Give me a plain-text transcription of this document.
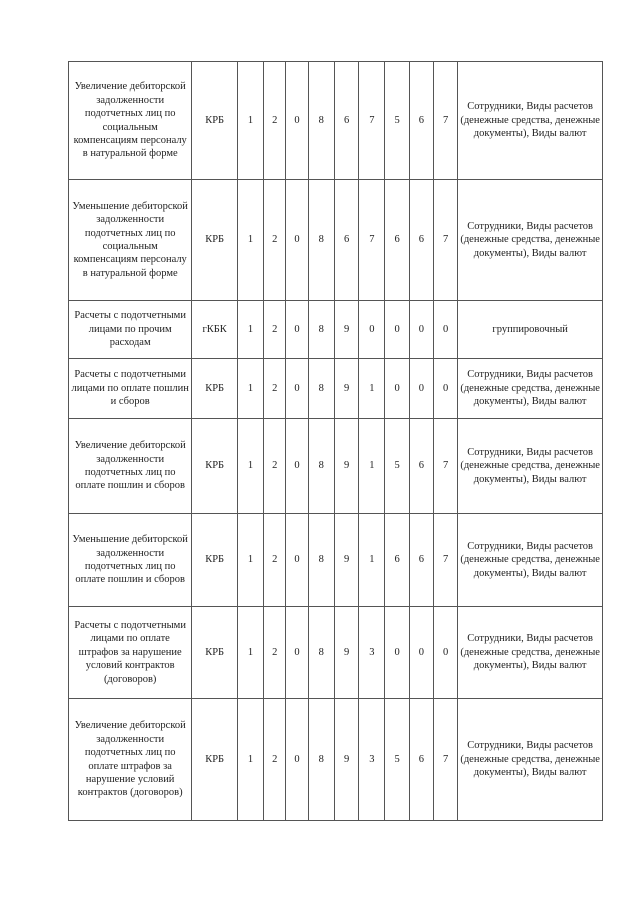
Увеличение дебиторской задолженности подотчетных лиц по социальным компенсациям персоналу в натуральной форме	КРБ	1	2	0	8	6	7	5	6	7	Сотрудники, Виды расчетов (денежные средства, денежные документы), Виды валют
Уменьшение дебиторской задолженности подотчетных лиц по социальным компенсациям персоналу в натуральной форме	КРБ	1	2	0	8	6	7	6	6	7	Сотрудники, Виды расчетов (денежные средства, денежные документы), Виды валют
Расчеты с подотчетными лицами по прочим расходам	гКБК	1	2	0	8	9	0	0	0	0	группировочный
Расчеты с подотчетными лицами по оплате пошлин и сборов	КРБ	1	2	0	8	9	1	0	0	0	Сотрудники, Виды расчетов (денежные средства, денежные документы), Виды валют
Увеличение дебиторской задолженности подотчетных лиц по оплате пошлин и сборов	КРБ	1	2	0	8	9	1	5	6	7	Сотрудники, Виды расчетов (денежные средства, денежные документы), Виды валют
Уменьшение дебиторской задолженности подотчетных лиц по оплате пошлин и сборов	КРБ	1	2	0	8	9	1	6	6	7	Сотрудники, Виды расчетов (денежные средства, денежные документы), Виды валют
Расчеты с подотчетными лицами по оплате штрафов за нарушение условий контрактов (договоров)	КРБ	1	2	0	8	9	3	0	0	0	Сотрудники, Виды расчетов (денежные средства, денежные документы), Виды валют
Увеличение дебиторской задолженности подотчетных лиц по оплате штрафов за нарушение условий контрактов (договоров)	КРБ	1	2	0	8	9	3	5	6	7	Сотрудники, Виды расчетов (денежные средства, денежные документы), Виды валют
